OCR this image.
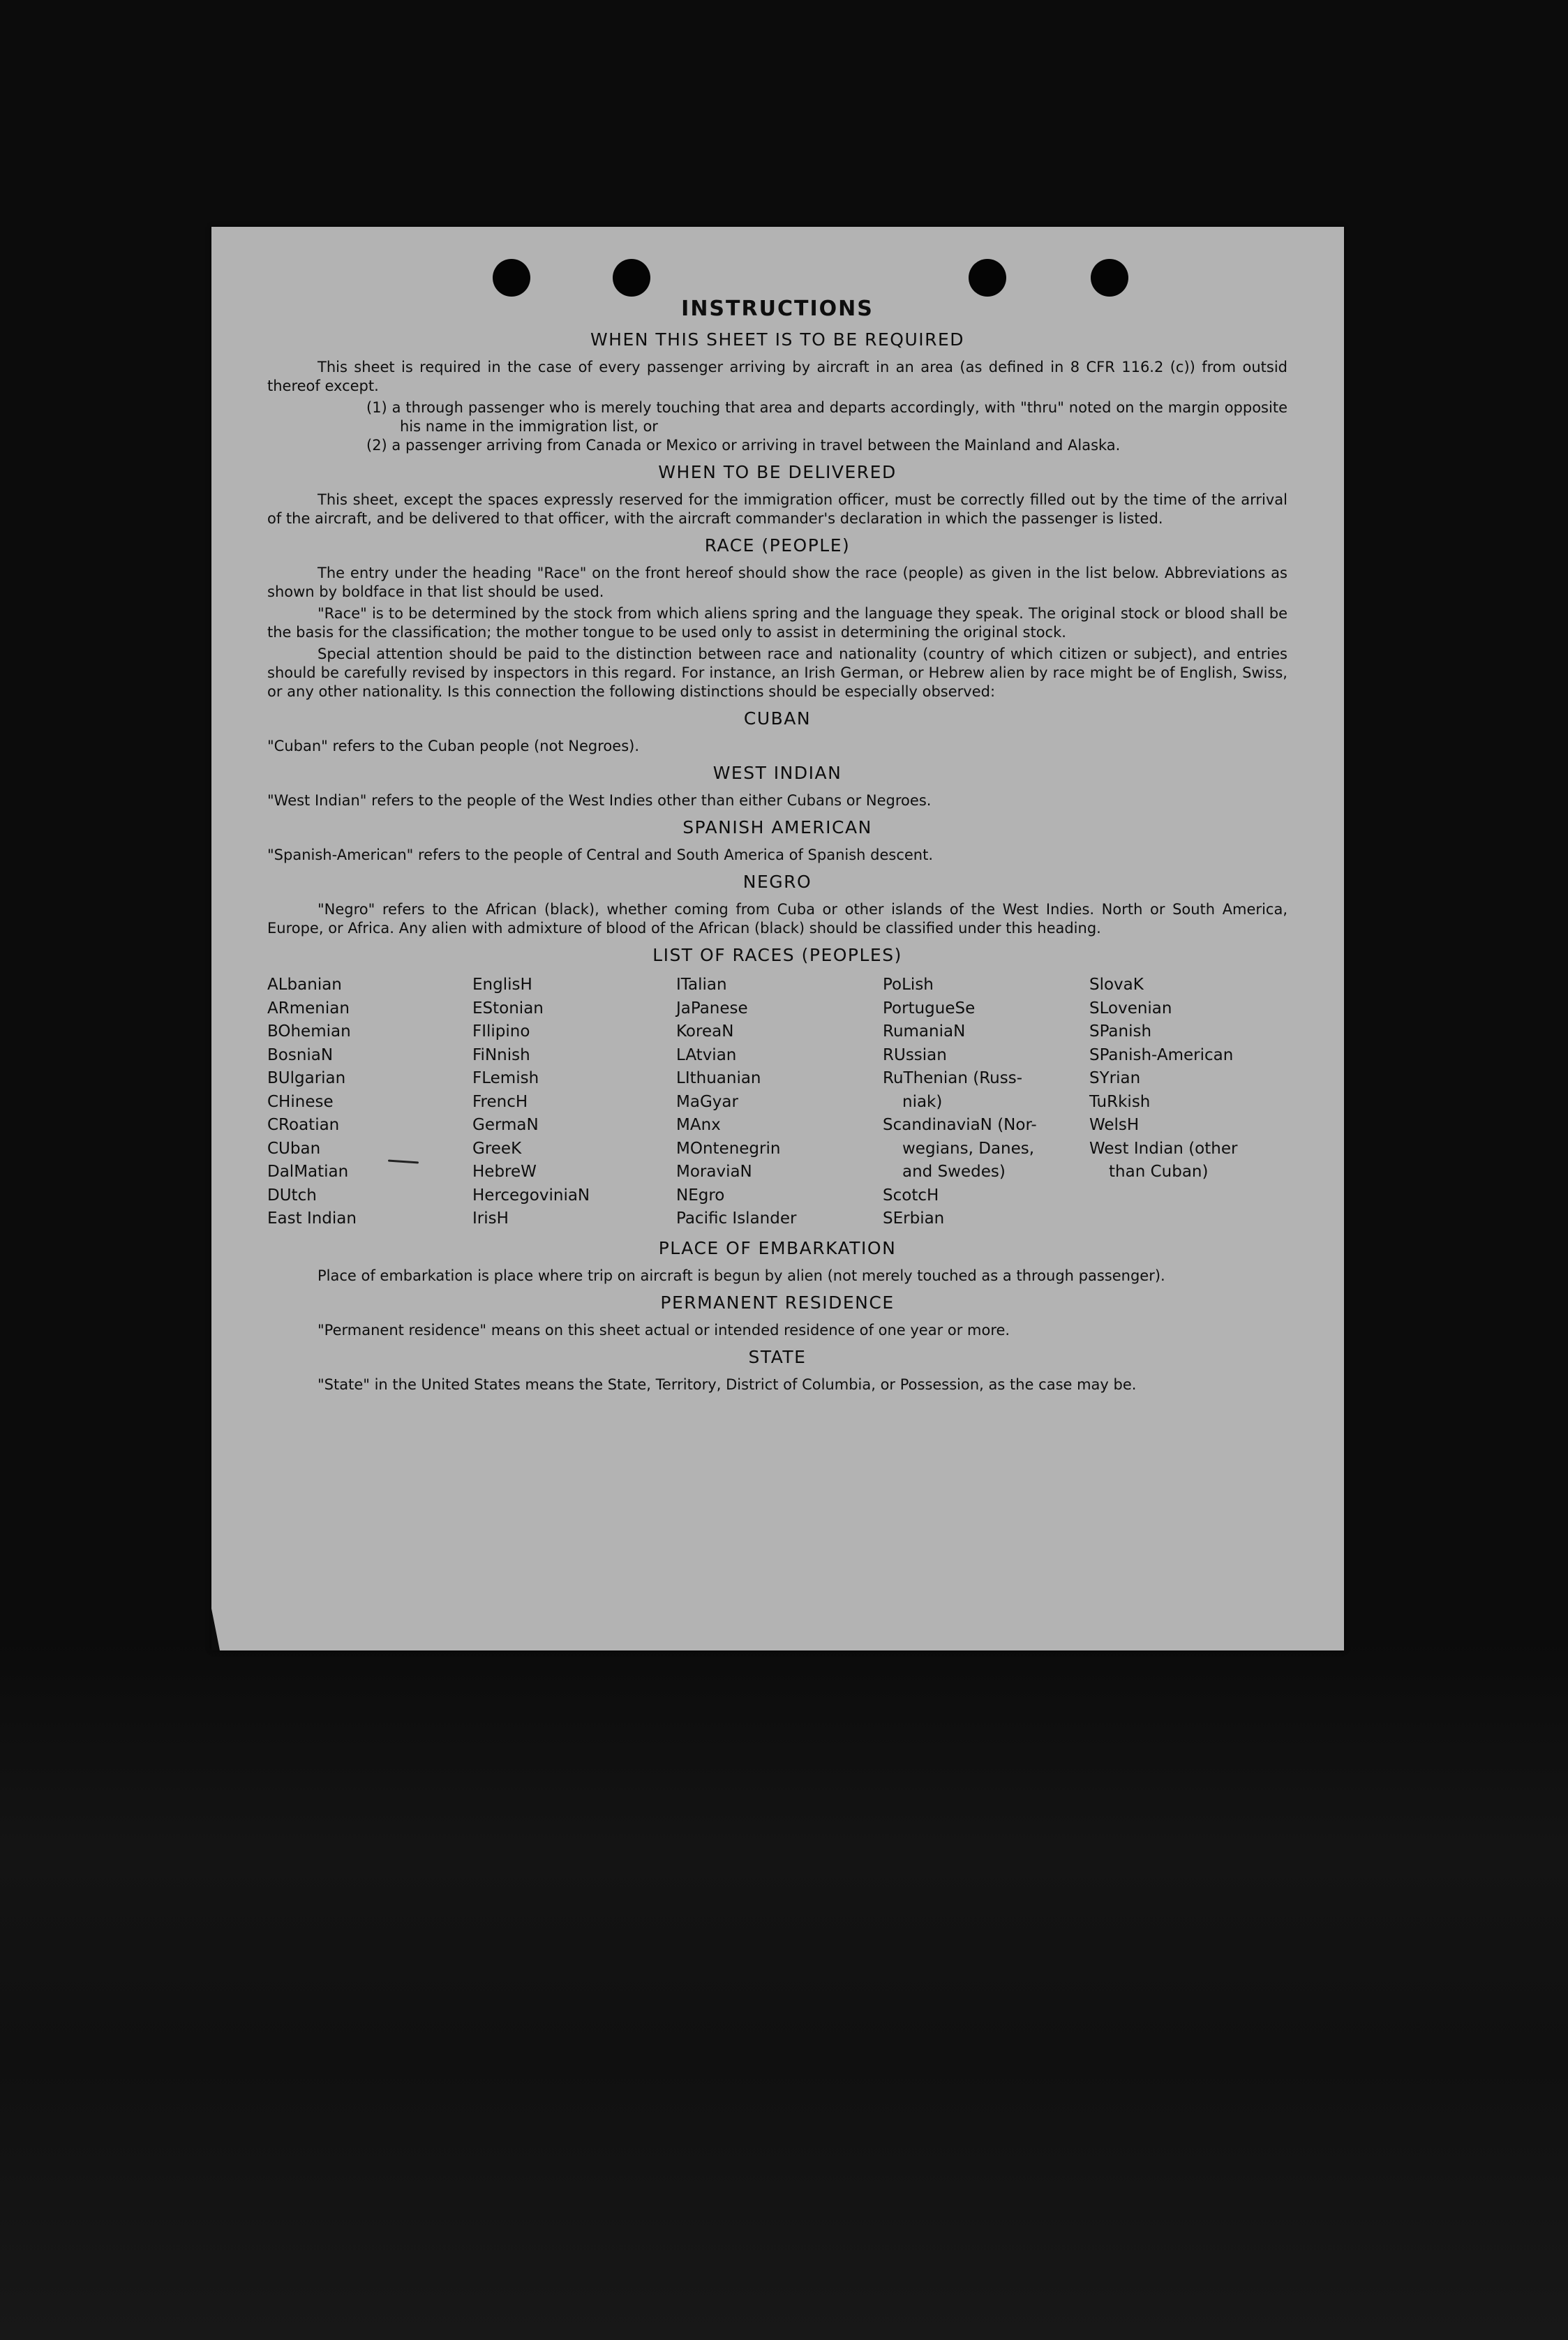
INSTRUCTIONS
WHEN THIS SHEET IS TO BE REQUIRED
This sheet is required in the case of every passenger arriving by aircraft in an area (as defined in 8 CFR 116.2 (c)) from outsid thereof except.
(1) a through passenger who is merely touching that area and departs accordingly, with "thru" noted on the margin opposite his name in the immigration list, or
(2) a passenger arriving from Canada or Mexico or arriving in travel between the Mainland and Alaska.
WHEN TO BE DELIVERED
This sheet, except the spaces expressly reserved for the immigration officer, must be correctly filled out by the time of the arrival of the aircraft, and be delivered to that officer, with the aircraft commander's declaration in which the passenger is listed.
RACE (PEOPLE)
The entry under the heading "Race" on the front hereof should show the race (people) as given in the list below. Abbreviations as shown by boldface in that list should be used.
"Race" is to be determined by the stock from which aliens spring and the language they speak. The original stock or blood shall be the basis for the classification; the mother tongue to be used only to assist in determining the original stock.
Special attention should be paid to the distinction between race and nationality (country of which citizen or subject), and entries should be carefully revised by inspectors in this regard. For instance, an Irish German, or Hebrew alien by race might be of English, Swiss, or any other nationality. Is this connection the following distinctions should be especially observed:
CUBAN
"Cuban" refers to the Cuban people (not Negroes).
WEST INDIAN
"West Indian" refers to the people of the West Indies other than either Cubans or Negroes.
SPANISH AMERICAN
"Spanish-American" refers to the people of Central and South America of Spanish descent.
NEGRO
"Negro" refers to the African (black), whether coming from Cuba or other islands of the West Indies. North or South America, Europe, or Africa. Any alien with admixture of blood of the African (black) should be classified under this heading.
LIST OF RACES (PEOPLES)
ALbanian
ARmenian
BOhemian
BosniaN
BUlgarian
CHinese
CRoatian
CUban
DalMatian
DUtch
East Indian
EnglisH
EStonian
FIlipino
FiNnish
FLemish
FrencH
GermaN
GreeK
HebreW
HercegoviniaN
IrisH
ITalian
JaPanese
KoreaN
LAtvian
LIthuanian
MaGyar
MAnx
MOntenegrin
MoraviaN
NEgro
Pacific Islander
PoLish
PortugueSe
RumaniaN
RUssian
RuThenian (Russ-
niak)
ScandinaviaN (Nor-
wegians, Danes,
and Swedes)
ScotcH
SErbian
SlovaK
SLovenian
SPanish
SPanish-American
SYrian
TuRkish
WelsH
West Indian (other
than Cuban)
PLACE OF EMBARKATION
Place of embarkation is place where trip on aircraft is begun by alien (not merely touched as a through passenger).
PERMANENT RESIDENCE
"Permanent residence" means on this sheet actual or intended residence of one year or more.
STATE
"State" in the United States means the State, Territory, District of Columbia, or Possession, as the case may be.
